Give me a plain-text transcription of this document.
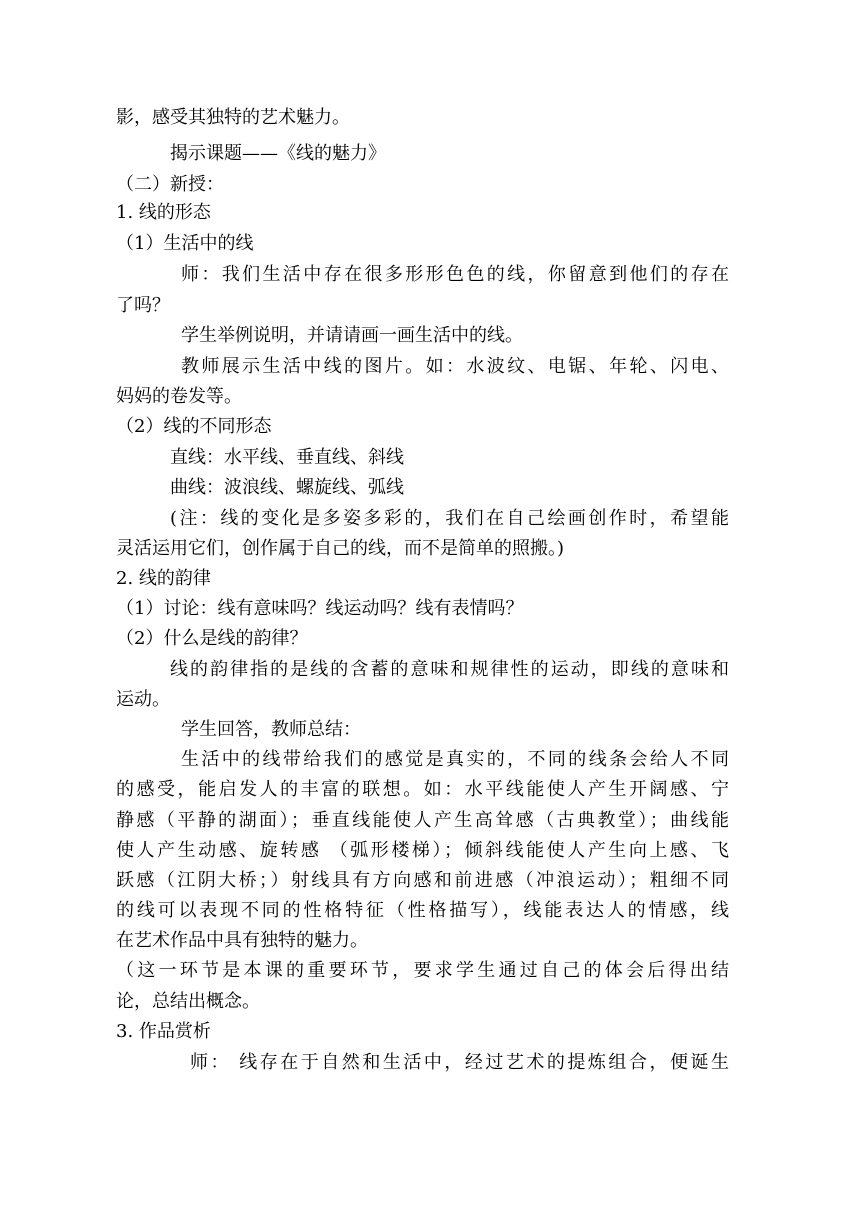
影，感受其独特的艺术魅力。
揭示课题——《线的魅力》
（二）新授：
1. 线的形态
（1）生活中的线
师：我们生活中存在很多形形色色的线，你留意到他们的存在
了吗？
学生举例说明，并请请画一画生活中的线。
教师展示生活中线的图片。如：水波纹、电锯、年轮、闪电、
妈妈的卷发等。
（2）线的不同形态
直线：水平线、垂直线、斜线
曲线：波浪线、螺旋线、弧线
(注：线的变化是多姿多彩的，我们在自己绘画创作时，希望能
灵活运用它们，创作属于自己的线，而不是简单的照搬。)
2. 线的韵律
（1）讨论：线有意味吗？线运动吗？线有表情吗？
（2）什么是线的韵律？
线的韵律指的是线的含蓄的意味和规律性的运动，即线的意味和
运动。
学生回答，教师总结：
生活中的线带给我们的感觉是真实的，不同的线条会给人不同
的感受，能启发人的丰富的联想。如：水平线能使人产生开阔感、宁
静感（平静的湖面）；垂直线能使人产生高耸感（古典教堂）；曲线能
使人产生动感、旋转感 （弧形楼梯）；倾斜线能使人产生向上感、飞
跃感（江阴大桥；）射线具有方向感和前进感（冲浪运动）；粗细不同
的线可以表现不同的性格特征（性格描写），线能表达人的情感，线
在艺术作品中具有独特的魅力。
（这一环节是本课的重要环节，要求学生通过自己的体会后得出结
论，总结出概念。
3. 作品赏析
师： 线存在于自然和生活中，经过艺术的提炼组合，便诞生
